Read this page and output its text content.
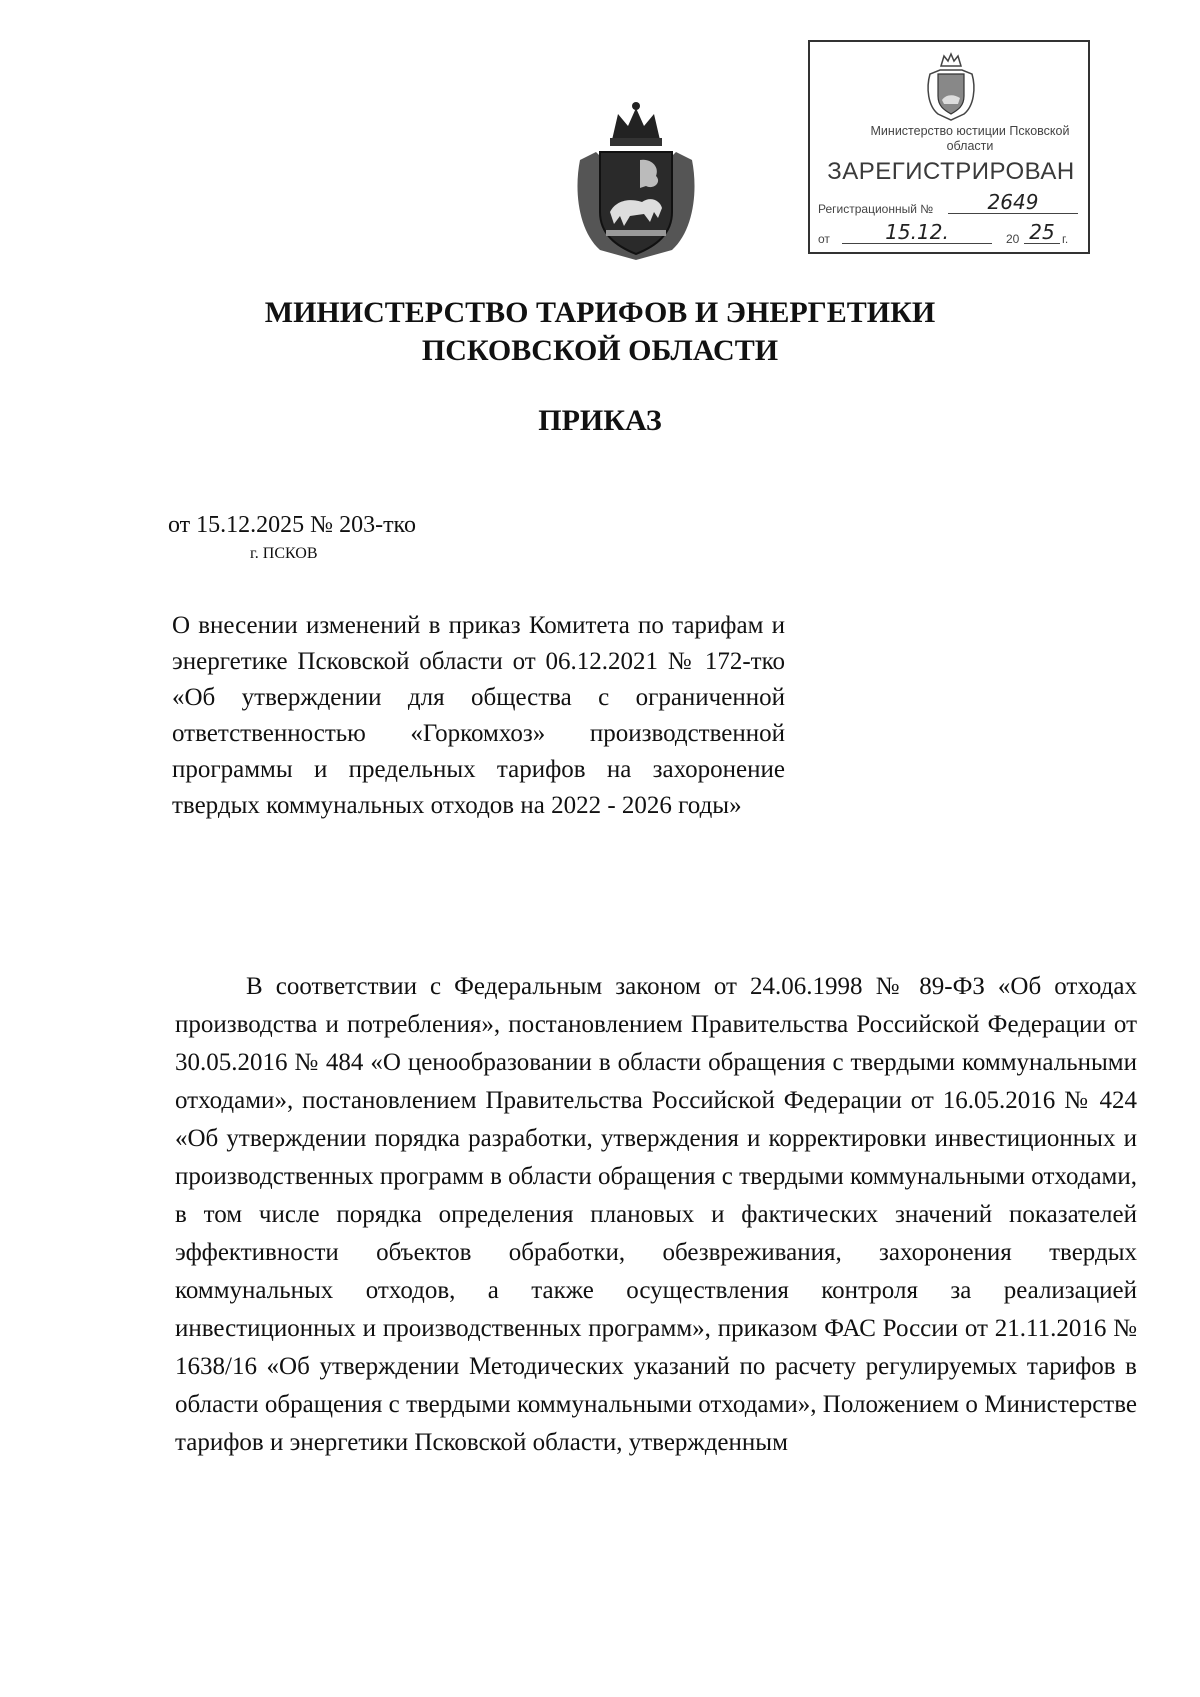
Министерство юстиции Псковской области
ЗАРЕГИСТРИРОВАН
Регистрационный №	2649
от	15.12.	20 25 г.
МИНИСТЕРСТВО ТАРИФОВ И ЭНЕРГЕТИКИ
ПСКОВСКОЙ ОБЛАСТИ
ПРИКАЗ
от 15.12.2025 № 203-тко
г. ПСКОВ
О внесении изменений в приказ Комитета по тарифам и энергетике Псковской области от 06.12.2021 № 172-тко «Об утверждении для общества с ограниченной ответственностью «Горкомхоз» производственной программы и предельных тарифов на захоронение твердых коммунальных отходов на 2022 - 2026 годы»
В соответствии с Федеральным законом от 24.06.1998 № 89-ФЗ «Об отходах производства и потребления», постановлением Правительства Российской Федерации от 30.05.2016 № 484 «О ценообразовании в области обращения с твердыми коммунальными отходами», постановлением Правительства Российской Федерации от 16.05.2016 № 424 «Об утверждении порядка разработки, утверждения и корректировки инвестиционных и производственных программ в области обращения с твердыми коммунальными отходами, в том числе порядка определения плановых и фактических значений показателей эффективности объектов обработки, обезвреживания, захоронения твердых коммунальных отходов, а также осуществления контроля за реализацией инвестиционных и производственных программ», приказом ФАС России от 21.11.2016 № 1638/16 «Об утверждении Методических указаний по расчету регулируемых тарифов в области обращения с твердыми коммунальными отходами», Положением о Министерстве тарифов и энергетики Псковской области, утвержденным
